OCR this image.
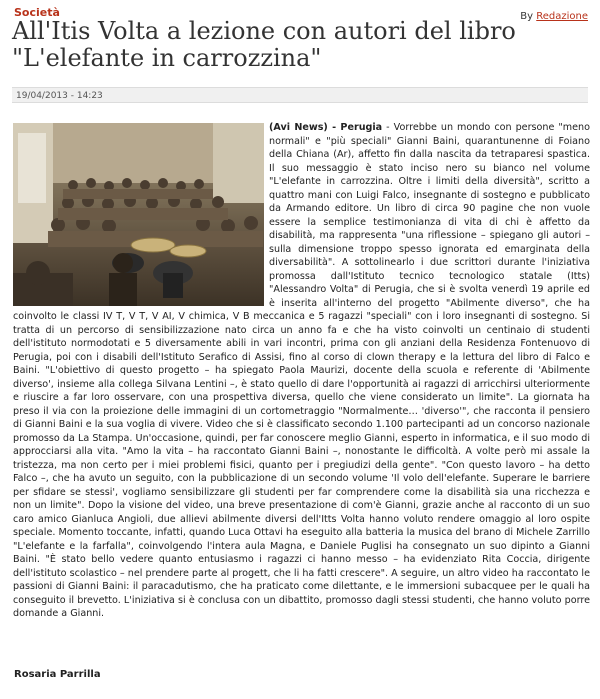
Società	By Redazione
All'Itis Volta a lezione con autori del libro "L'elefante in carrozzina"
19/04/2013 - 14:23

(Avi News) - Perugia - Vorrebbe un mondo con persone "meno normali" e "più speciali" Gianni Baini, quarantunenne di Foiano della Chiana (Ar), affetto fin dalla nascita da tetraparesi spastica. Il suo messaggio è stato inciso nero su bianco nel volume "L'elefante in carrozzina. Oltre i limiti della diversità", scritto a quattro mani con Luigi Falco, insegnante di sostegno e pubblicato da Armando editore. Un libro di circa 90 pagine che non vuole essere la semplice testimonianza di vita di chi è affetto da disabilità, ma rappresenta "una riflessione – spiegano gli autori – sulla dimensione troppo spesso ignorata ed emarginata della diversabilità". A sottolinearlo i due scrittori durante l'iniziativa promossa dall'Istituto tecnico tecnologico statale (Itts) "Alessandro Volta" di Perugia, che si è svolta venerdì 19 aprile ed è inserita all'interno del progetto "Abilmente diverso", che ha coinvolto le classi IV T, V T, V AI, V chimica, V B meccanica e 5 ragazzi "speciali" con i loro insegnanti di sostegno. Si tratta di un percorso di sensibilizzazione nato circa un anno fa e che ha visto coinvolti un centinaio di studenti dell'istituto normodotati e 5 diversamente abili in vari incontri, prima con gli anziani della Residenza Fontenuovo di Perugia, poi con i disabili dell'Istituto Serafico di Assisi, fino al corso di clown therapy e la lettura del libro di Falco e Baini. "L'obiettivo di questo progetto – ha spiegato Paola Maurizi, docente della scuola e referente di 'Abilmente diverso', insieme alla collega Silvana Lentini –, è stato quello di dare l'opportunità ai ragazzi di arricchirsi ulteriormente e riuscire a far loro osservare, con una prospettiva diversa, quello che viene considerato un limite". La giornata ha preso il via con la proiezione delle immagini di un cortometraggio "Normalmente… 'diverso'", che racconta il pensiero di Gianni Baini e la sua voglia di vivere. Video che si è classificato secondo 1.100 partecipanti ad un concorso nazionale promosso da La Stampa. Un'occasione, quindi, per far conoscere meglio Gianni, esperto in informatica, e il suo modo di approcciarsi alla vita. "Amo la vita – ha raccontato Gianni Baini –, nonostante le difficoltà. A volte però mi assale la tristezza, ma non certo per i miei problemi fisici, quanto per i pregiudizi della gente". "Con questo lavoro – ha detto Falco –, che ha avuto un seguito, con la pubblicazione di un secondo volume 'Il volo dell'elefante. Superare le barriere per sfidare se stessi', vogliamo sensibilizzare gli studenti per far comprendere come la disabilità sia una ricchezza e non un limite". Dopo la visione del video, una breve presentazione di com'è Gianni, grazie anche al racconto di un suo caro amico Gianluca Angioli, due allievi abilmente diversi dell'Itts Volta hanno voluto rendere omaggio al loro ospite speciale. Momento toccante, infatti, quando Luca Ottavi ha eseguito alla batteria la musica del brano di Michele Zarrillo "L'elefante e la farfalla", coinvolgendo l'intera aula Magna, e Daniele Puglisi ha consegnato un suo dipinto a Gianni Baini. "È stato bello vedere quanto entusiasmo i ragazzi ci hanno messo – ha evidenziato Rita Coccia, dirigente dell'istituto scolastico – nel prendere parte al progett, che li ha fatti crescere". A seguire, un altro video ha raccontato le passioni di Gianni Baini: il paracadutismo, che ha praticato come dilettante, e le immersioni subacquee per le quali ha conseguito il brevetto. L'iniziativa si è conclusa con un dibattito, promosso dagli stessi studenti, che hanno voluto porre domande a Gianni.

Rosaria Parrilla
